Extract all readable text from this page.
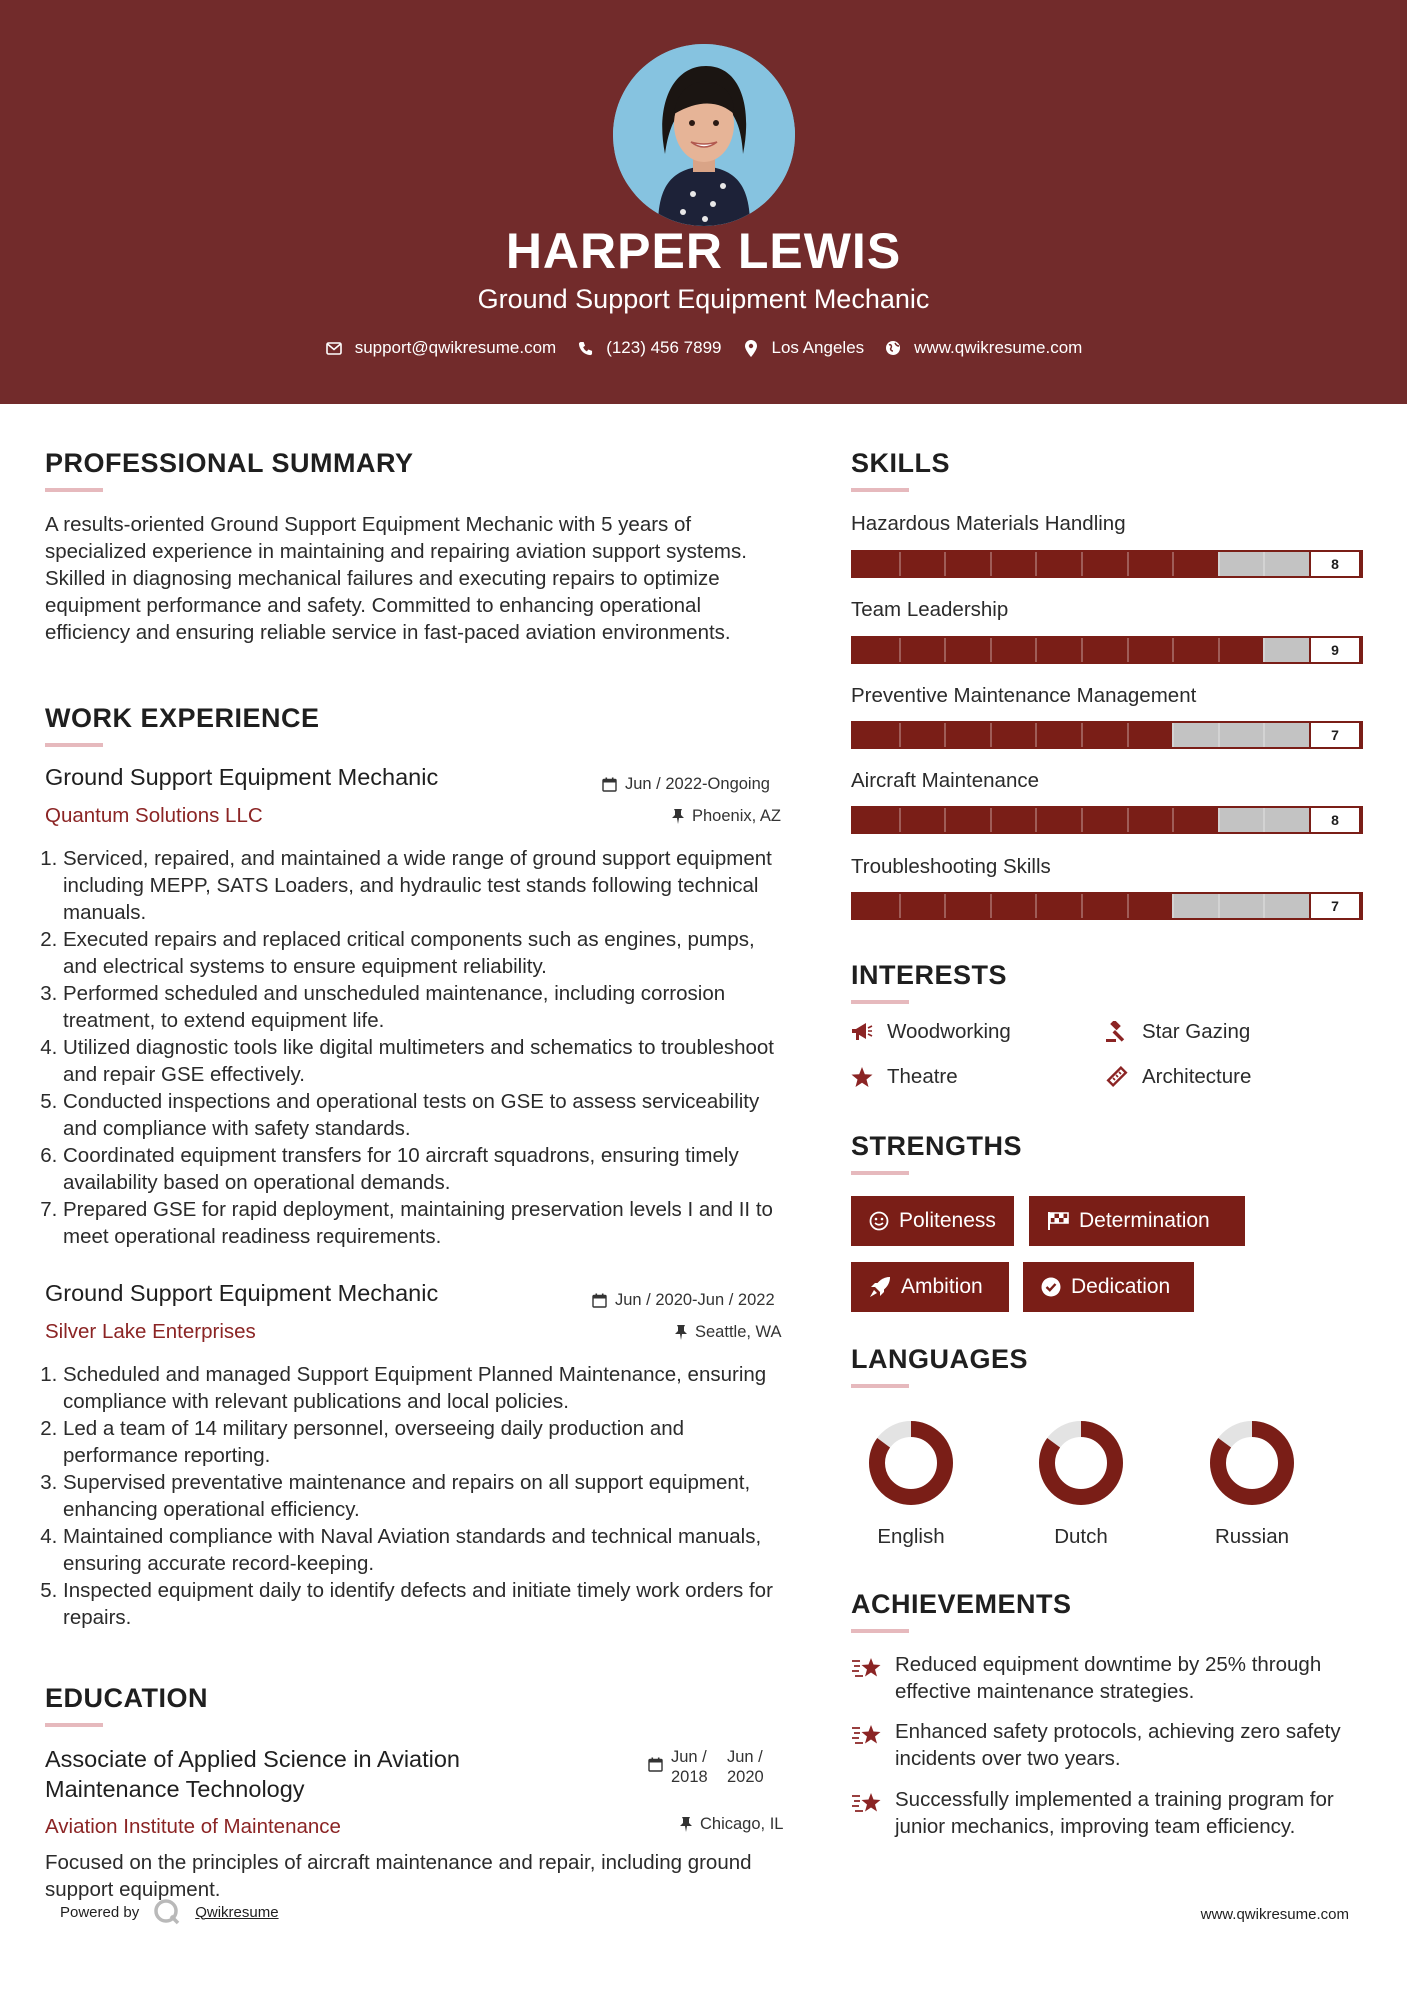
HARPER LEWIS
Ground Support Equipment Mechanic
support@qwikresume.com	(123) 456 7899	Los Angeles	www.qwikresume.com
PROFESSIONAL SUMMARY
A results-oriented Ground Support Equipment Mechanic with 5 years of specialized experience in maintaining and repairing aviation support systems. Skilled in diagnosing mechanical failures and executing repairs to optimize equipment performance and safety. Committed to enhancing operational efficiency and ensuring reliable service in fast-paced aviation environments.
WORK EXPERIENCE
Ground Support Equipment Mechanic	Jun / 2022-Ongoing
Quantum Solutions LLC	Phoenix, AZ
1. Serviced, repaired, and maintained a wide range of ground support equipment including MEPP, SATS Loaders, and hydraulic test stands following technical manuals.
2. Executed repairs and replaced critical components such as engines, pumps, and electrical systems to ensure equipment reliability.
3. Performed scheduled and unscheduled maintenance, including corrosion treatment, to extend equipment life.
4. Utilized diagnostic tools like digital multimeters and schematics to troubleshoot and repair GSE effectively.
5. Conducted inspections and operational tests on GSE to assess serviceability and compliance with safety standards.
6. Coordinated equipment transfers for 10 aircraft squadrons, ensuring timely availability based on operational demands.
7. Prepared GSE for rapid deployment, maintaining preservation levels I and II to meet operational readiness requirements.
Ground Support Equipment Mechanic	Jun / 2020-Jun / 2022
Silver Lake Enterprises	Seattle, WA
1. Scheduled and managed Support Equipment Planned Maintenance, ensuring compliance with relevant publications and local policies.
2. Led a team of 14 military personnel, overseeing daily production and performance reporting.
3. Supervised preventative maintenance and repairs on all support equipment, enhancing operational efficiency.
4. Maintained compliance with Naval Aviation standards and technical manuals, ensuring accurate record-keeping.
5. Inspected equipment daily to identify defects and initiate timely work orders for repairs.
EDUCATION
Associate of Applied Science in Aviation Maintenance Technology
Jun / 2018
Jun / 2020
Aviation Institute of Maintenance	Chicago, IL
Focused on the principles of aircraft maintenance and repair, including ground support equipment.
SKILLS
Hazardous Materials Handling
8
Team Leadership
9
Preventive Maintenance Management
7
Aircraft Maintenance
8
Troubleshooting Skills
7
INTERESTS
Woodworking	Star Gazing
Theatre	Architecture
STRENGTHS
Politeness	Determination
Ambition	Dedication
LANGUAGES
English	Dutch	Russian
ACHIEVEMENTS
Reduced equipment downtime by 25% through effective maintenance strategies.
Enhanced safety protocols, achieving zero safety incidents over two years.
Successfully implemented a training program for junior mechanics, improving team efficiency.
Powered by	Qwikresume	www.qwikresume.com
